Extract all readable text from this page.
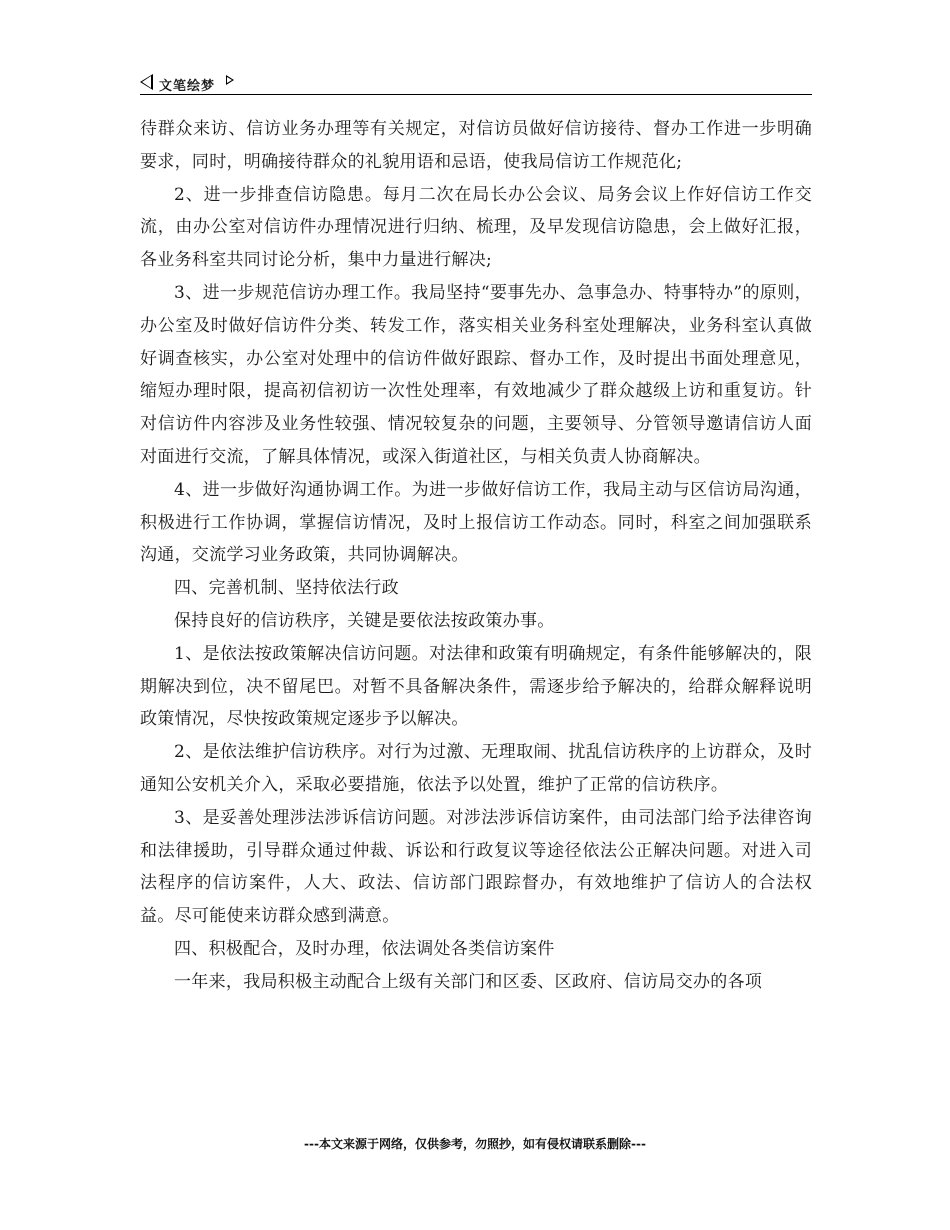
文笔绘梦

待群众来访、信访业务办理等有关规定，对信访员做好信访接待、督办工作进一步明确要求，同时，明确接待群众的礼貌用语和忌语，使我局信访工作规范化;

2、进一步排查信访隐患。每月二次在局长办公会议、局务会议上作好信访工作交流，由办公室对信访件办理情况进行归纳、梳理，及早发现信访隐患，会上做好汇报，各业务科室共同讨论分析，集中力量进行解决;

3、进一步规范信访办理工作。我局坚持“要事先办、急事急办、特事特办”的原则，办公室及时做好信访件分类、转发工作，落实相关业务科室处理解决，业务科室认真做好调查核实，办公室对处理中的信访件做好跟踪、督办工作，及时提出书面处理意见，缩短办理时限，提高初信初访一次性处理率，有效地减少了群众越级上访和重复访。针对信访件内容涉及业务性较强、情况较复杂的问题，主要领导、分管领导邀请信访人面对面进行交流，了解具体情况，或深入街道社区，与相关负责人协商解决。

4、进一步做好沟通协调工作。为进一步做好信访工作，我局主动与区信访局沟通，积极进行工作协调，掌握信访情况，及时上报信访工作动态。同时，科室之间加强联系沟通，交流学习业务政策，共同协调解决。

四、完善机制、坚持依法行政

保持良好的信访秩序，关键是要依法按政策办事。

1、是依法按政策解决信访问题。对法律和政策有明确规定，有条件能够解决的，限期解决到位，决不留尾巴。对暂不具备解决条件，需逐步给予解决的，给群众解释说明政策情况，尽快按政策规定逐步予以解决。

2、是依法维护信访秩序。对行为过激、无理取闹、扰乱信访秩序的上访群众，及时通知公安机关介入，采取必要措施，依法予以处置，维护了正常的信访秩序。

3、是妥善处理涉法涉诉信访问题。对涉法涉诉信访案件，由司法部门给予法律咨询和法律援助，引导群众通过仲裁、诉讼和行政复议等途径依法公正解决问题。对进入司法程序的信访案件，人大、政法、信访部门跟踪督办，有效地维护了信访人的合法权益。尽可能使来访群众感到满意。

四、积极配合，及时办理，依法调处各类信访案件

一年来，我局积极主动配合上级有关部门和区委、区政府、信访局交办的各项

---本文来源于网络，仅供参考，勿照抄，如有侵权请联系删除---
